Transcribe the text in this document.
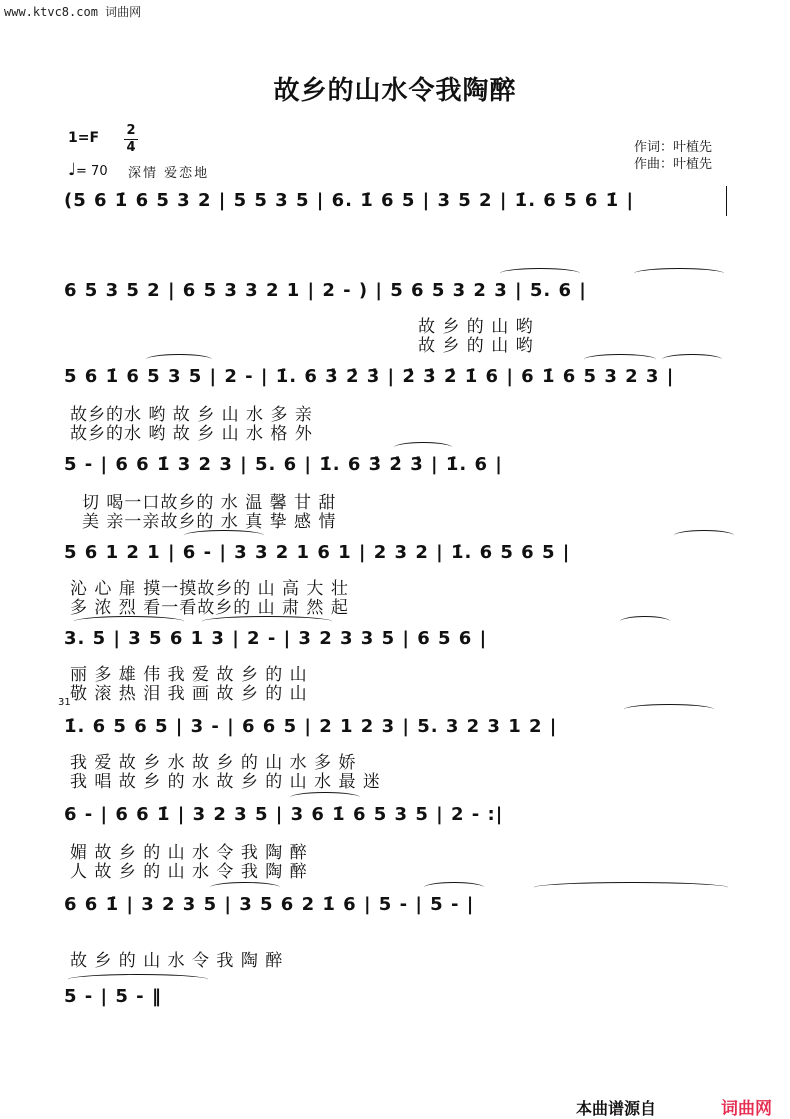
www.ktvc8.com 词曲网
故乡的山水令我陶醉
1=F 2
4
♩= 70 深情 爱恋地
作词：叶植先
作曲：叶植先
(5 6 1̇ 6 5 3 2 | 5 5 3 5 | 6. 1̇ 6 5 | 3 5 2 | 1̇. 6 5 6 1̇ |
6 5 3 5 2 | 6 5 3 3 2 1 | 2 - ) | 5 6 5 3 2 3 | 5. 6 |
故 乡 的 山 哟
故 乡 的 山 哟
5 6 1̇ 6 5 3 5 | 2 - | 1̇. 6 3̇ 2̇ 3̇ | 2̇ 3̇ 2̇ 1̇ 6 | 6 1̇ 6 5 3 2 3 |
故乡的水 哟 故 乡 山 水 多 亲
故乡的水 哟 故 乡 山 水 格 外
5 - | 6 6 1̇ 3 2 3 | 5. 6 | 1̇. 6 3̇ 2̇ 3̇ | 1̇. 6 |
切 喝一口故乡的 水 温 馨 甘 甜
美 亲一亲故乡的 水 真 挚 感 情
5 6 1 2 1 | 6 - | 3 3 2 1 6 1 | 2 3 2 | 1̇. 6 5 6 5 |
沁 心 扉 摸一摸故乡的 山 高 大 壮
多 浓 烈 看一看故乡的 山 肃 然 起
3. 5 | 3 5 6 1 3 | 2 - | 3 2 3 3 5 | 6 5 6 |
丽 多 雄 伟 我 爱 故 乡 的 山
敬 滚 热 泪 我 画 故 乡 的 山
31
1̇. 6 5 6 5 | 3 - | 6 6 5 | 2 1 2 3 | 5. 3 2 3 1 2 |
我 爱 故 乡 水 故 乡 的 山 水 多 娇
我 唱 故 乡 的 水 故 乡 的 山 水 最 迷
6 - | 6 6 1̇ | 3 2 3 5 | 3 6 1̇ 6 5 3 5 | 2 - :|
媚 故 乡 的 山 水 令 我 陶 醉
人 故 乡 的 山 水 令 我 陶 醉
6 6 1̇ | 3 2 3 5 | 3 5 6 2 1̇ 6 | 5 - | 5 - |
故 乡 的 山 水 令 我 陶 醉
5 - | 5 - ‖
本曲谱源自	词曲网
